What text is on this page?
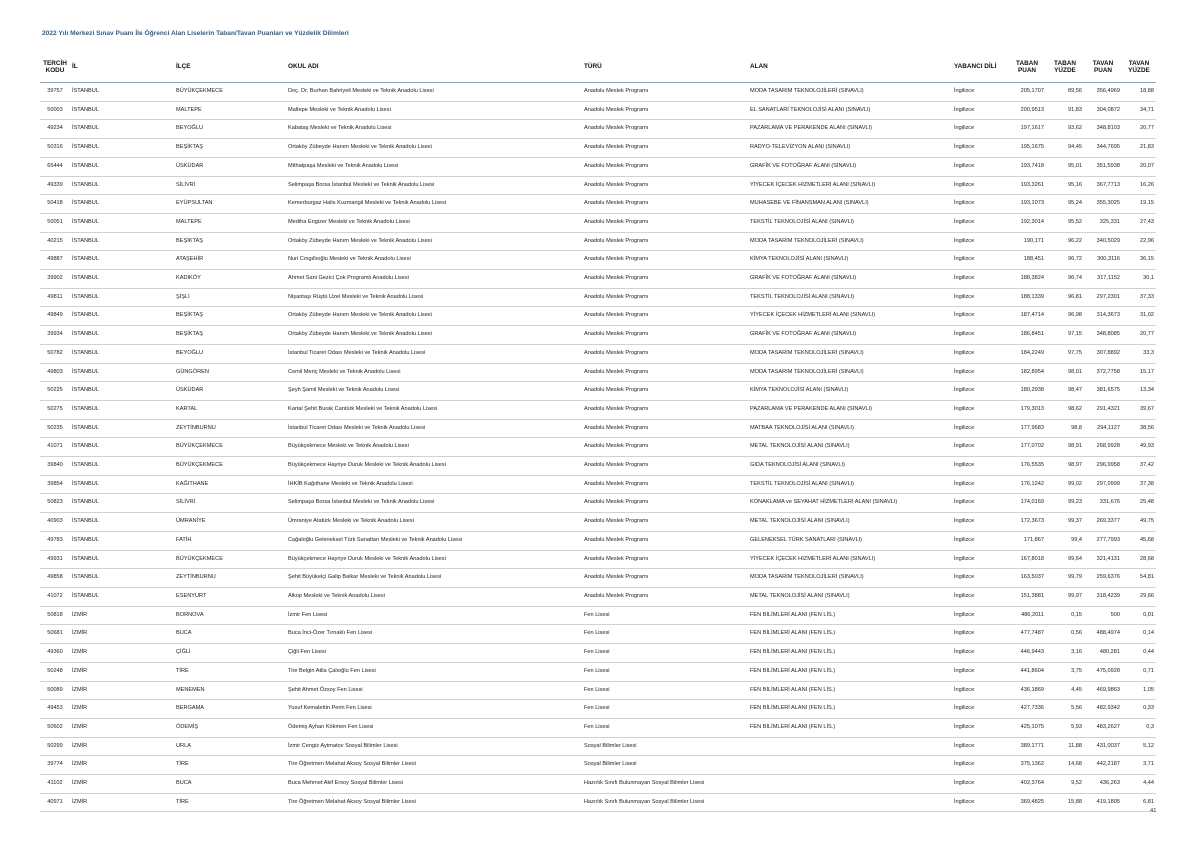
2022 Yılı Merkezi Sınav Puanı İle Öğrenci Alan Liselerin Taban/Tavan Puanları ve Yüzdelik Dilimleri
TERCİH KODU	İL	İLÇE	OKUL ADI	TÜRÜ	ALAN	YABANCI DİLİ	TABAN PUAN	TABAN YÜZDE	TAVAN PUAN	TAVAN YÜZDE
39757	İSTANBUL	BÜYÜKÇEKMECE	Doç. Dr. Burhan Bahriyeli Mesleki ve Teknik Anadolu Lisesi	Anadolu Meslek Programı	MODA TASARIM TEKNOLOJİLERİ (SINAVLI)	İngilizce	205,1707	89,56	356,4969	18,88
50003	İSTANBUL	MALTEPE	Maltepe Mesleki ve Teknik Anadolu Lisesi	Anadolu Meslek Programı	EL SANATLARI TEKNOLOJİSİ ALANI (SINAVLI)	İngilizce	200,9513	91,83	304,0872	34,71
49234	İSTANBUL	BEYOĞLU	Kabataş Mesleki ve Teknik Anadolu Lisesi	Anadolu Meslek Programı	PAZARLAMA VE PERAKENDE ALANI (SINAVLI)	İngilizce	197,1617	93,62	348,8103	20,77
50316	İSTANBUL	BEŞİKTAŞ	Ortaköy Zübeyde Hanım Mesleki ve Teknik Anadolu Lisesi	Anadolu Meslek Programı	RADYO-TELEVİZYON ALANI (SINAVLI)	İngilizce	195,1675	94,45	344,7695	21,83
65444	İSTANBUL	ÜSKÜDAR	Mithatpaşa Mesleki ve Teknik Anadolu Lisesi	Anadolu Meslek Programı	GRAFİK VE FOTOĞRAF ALANI (SINAVLI)	İngilizce	193,7418	95,01	351,5938	20,07
49339	İSTANBUL	SİLİVRİ	Selimpaşa Borsa İstanbul Mesleki ve Teknik Anadolu Lisesi	Anadolu Meslek Programı	YİYECEK İÇECEK HİZMETLERİ ALANI (SINAVLI)	İngilizce	193,3261	95,16	367,7713	16,26
50418	İSTANBUL	EYÜPSULTAN	Kemerburgaz Halis Kuzmangil Mesleki ve Teknik Anadolu Lisesi	Anadolu Meslek Programı	MUHASEBE VE FİNANSMAN ALANI (SINAVLI)	İngilizce	193,1073	95,24	355,3025	19,15
50051	İSTANBUL	MALTEPE	Mediha Engizer Mesleki ve Teknik Anadolu Lisesi	Anadolu Meslek Programı	TEKSTİL TEKNOLOJİSİ ALANI (SINAVLI)	İngilizce	192,3014	95,52	325,331	27,43
40215	İSTANBUL	BEŞİKTAŞ	Ortaköy Zübeyde Hanım Mesleki ve Teknik Anadolu Lisesi	Anadolu Meslek Programı	MODA TASARIM TEKNOLOJİLERİ (SINAVLI)	İngilizce	190,171	96,22	340,5029	22,96
49887	İSTANBUL	ATAŞEHİR	Nuri Cıngıllıoğlu Mesleki ve Teknik Anadolu Lisesi	Anadolu Meslek Programı	KİMYA TEKNOLOJİSİ ALANI (SINAVLI)	İngilizce	188,451	96,72	300,3116	36,15
39902	İSTANBUL	KADIKÖY	Ahmet Sani Gezici Çok Programlı Anadolu Lisesi	Anadolu Meslek Programı	GRAFİK VE FOTOĞRAF ALANI (SINAVLI)	İngilizce	188,3824	96,74	317,1152	30,1
49811	İSTANBUL	ŞİŞLİ	Nişantaşı Rüştü Uzel Mesleki ve Teknik Anadolu Lisesi	Anadolu Meslek Programı	TEKSTİL TEKNOLOJİSİ ALANI (SINAVLI)	İngilizce	188,1339	96,81	297,2301	37,33
49849	İSTANBUL	BEŞİKTAŞ	Ortaköy Zübeyde Hanım Mesleki ve Teknik Anadolu Lisesi	Anadolu Meslek Programı	YİYECEK İÇECEK HİZMETLERİ ALANI (SINAVLI)	İngilizce	187,4714	96,98	314,3673	31,02
39934	İSTANBUL	BEŞİKTAŞ	Ortaköy Zübeyde Hanım Mesleki ve Teknik Anadolu Lisesi	Anadolu Meslek Programı	GRAFİK VE FOTOĞRAF ALANI (SINAVLI)	İngilizce	186,8451	97,15	348,8085	20,77
50782	İSTANBUL	BEYOĞLU	İstanbul Ticaret Odası Mesleki ve Teknik Anadolu Lisesi	Anadolu Meslek Programı	MODA TASARIM TEKNOLOJİLERİ (SINAVLI)	İngilizce	184,2249	97,75	307,8892	33,3
49803	İSTANBUL	GÜNGÖREN	Cemil Meriç Mesleki ve Teknik Anadolu Lisesi	Anadolu Meslek Programı	MODA TASARIM TEKNOLOJİLERİ (SINAVLI)	İngilizce	182,8954	98,01	372,7758	15,17
50225	İSTANBUL	ÜSKÜDAR	Şeyh Şamil Mesleki ve Teknik Anadolu Lisesi	Anadolu Meslek Programı	KİMYA TEKNOLOJİSİ ALANI (SINAVLI)	İngilizce	180,2938	98,47	381,6575	13,34
50275	İSTANBUL	KARTAL	Kartal Şehit Burak Cantürk Mesleki ve Teknik Anadolu Lisesi	Anadolu Meslek Programı	PAZARLAMA VE PERAKENDE ALANI (SINAVLI)	İngilizce	179,3013	98,62	291,4321	39,67
50235	İSTANBUL	ZEYTİNBURNU	İstanbul Ticaret Odası Mesleki ve Teknik Anadolu Lisesi	Anadolu Meslek Programı	MATBAA TEKNOLOJİSİ ALANI (SINAVLI)	İngilizce	177,9683	98,8	294,1127	38,56
41071	İSTANBUL	BÜYÜKÇEKMECE	Büyükçekmece Mesleki ve Teknik Anadolu Lisesi	Anadolu Meslek Programı	METAL TEKNOLOJİSİ ALANI (SINAVLI)	İngilizce	177,0702	98,91	268,9928	49,93
39840	İSTANBUL	BÜYÜKÇEKMECE	Büyükçekmece Hayriye Duruk Mesleki ve Teknik Anadolu Lisesi	Anadolu Meslek Programı	GIDA TEKNOLOJİSİ ALANI (SINAVLI)	İngilizce	176,5535	98,97	296,9958	37,42
39854	İSTANBUL	KAĞITHANE	İHKİB Kağıthane Mesleki ve Teknik Anadolu Lisesi	Anadolu Meslek Programı	TEKSTİL TEKNOLOJİSİ ALANI (SINAVLI)	İngilizce	176,1242	99,02	297,0999	37,38
50823	İSTANBUL	SİLİVRİ	Selimpaşa Borsa İstanbul Mesleki ve Teknik Anadolu Lisesi	Anadolu Meslek Programı	KONAKLAMA ve SEYAHAT HİZMETLERİ ALANI (SINAVLI)	İngilizce	174,0169	99,23	331,676	25,48
40903	İSTANBUL	ÜMRANİYE	Ümraniye Atatürk Mesleki ve Teknik Anadolu Lisesi	Anadolu Meslek Programı	METAL TEKNOLOJİSİ ALANI (SINAVLI)	İngilizce	172,3673	99,37	269,3377	49,75
49783	İSTANBUL	FATİH	Cağaloğlu Geleneksel Türk Sanatları Mesleki ve Teknik Anadolu Lisesi	Anadolu Meslek Programı	GELENEKSEL TÜRK SANATLARI (SINAVLI)	İngilizce	171,867	99,4	277,7993	45,68
49931	İSTANBUL	BÜYÜKÇEKMECE	Büyükçekmece Hayriye Duruk Mesleki ve Teknik Anadolu Lisesi	Anadolu Meslek Programı	YİYECEK İÇECEK HİZMETLERİ ALANI (SINAVLI)	İngilizce	167,8018	99,64	321,4131	28,68
49858	İSTANBUL	ZEYTİNBURNU	Şehit Büyükelçi Galip Balkar Mesleki ve Teknik Anadolu Lisesi	Anadolu Meslek Programı	MODA TASARIM TEKNOLOJİLERİ (SINAVLI)	İngilizce	163,5037	99,79	259,6376	54,81
41072	İSTANBUL	ESENYURT	Alkop Mesleki ve Teknik Anadolu Lisesi	Anadolu Meslek Programı	METAL TEKNOLOJİSİ ALANI (SINAVLI)	İngilizce	151,3881	99,97	318,4239	29,66
50818	İZMİR	BORNOVA	İzmir Fen Lisesi	Fen Lisesi	FEN BİLİMLERİ ALANI (FEN LİS.)	İngilizce	486,2011	0,15	500	0,01
50681	İZMİR	BUCA	Buca İnci-Özer Tırnaklı Fen Lisesi	Fen Lisesi	FEN BİLİMLERİ ALANI (FEN LİS.)	İngilizce	477,7487	0,56	488,4974	0,14
49360	İZMİR	ÇİĞLİ	Çiğli Fen Lisesi	Fen Lisesi	FEN BİLİMLERİ ALANI (FEN LİS.)	İngilizce	446,9443	3,16	480,281	0,44
50248	İZMİR	TİRE	Tire Belgin Atila Çalıoğlu Fen Lisesi	Fen Lisesi	FEN BİLİMLERİ ALANI (FEN LİS.)	İngilizce	441,8604	3,75	475,0928	0,71
50089	İZMİR	MENEMEN	Şehit Ahmet Özsoy Fen Lisesi	Fen Lisesi	FEN BİLİMLERİ ALANI (FEN LİS.)	İngilizce	436,1869	4,45	469,9863	1,05
49453	İZMİR	BERGAMA	Yusuf Kemalettin Perin Fen Lisesi	Fen Lisesi	FEN BİLİMLERİ ALANI (FEN LİS.)	İngilizce	427,7336	5,56	482,9342	0,33
50602	İZMİR	ÖDEMİŞ	Ödemiş Ayhan Kökmen Fen Lisesi	Fen Lisesi	FEN BİLİMLERİ ALANI (FEN LİS.)	İngilizce	425,1075	5,93	483,2627	0,3
50299	İZMİR	URLA	İzmir Cengiz Aytmatov Sosyal Bilimler Lisesi	Sosyal Bilimler Lisesi		İngilizce	389,1771	11,88	431,0037	5,12
39774	İZMİR	TİRE	Tire Öğretmen Melahat Aksoy Sosyal Bilimler Lisesi	Sosyal Bilimler Lisesi		İngilizce	375,1362	14,68	442,2187	3,71
41102	İZMİR	BUCA	Buca Mehmet Akif Ersoy Sosyal Bilimler Lisesi	Hazırlık Sınıfı Bulunmayan Sosyal Bilimler Lisesi		İngilizce	402,3764	9,52	436,263	4,44
40971	İZMİR	TİRE	Tire Öğretmen Melahat Aksoy Sosyal Bilimler Lisesi	Hazırlık Sınıfı Bulunmayan Sosyal Bilimler Lisesi		İngilizce	369,4825	15,88	419,1805	6,81
41
